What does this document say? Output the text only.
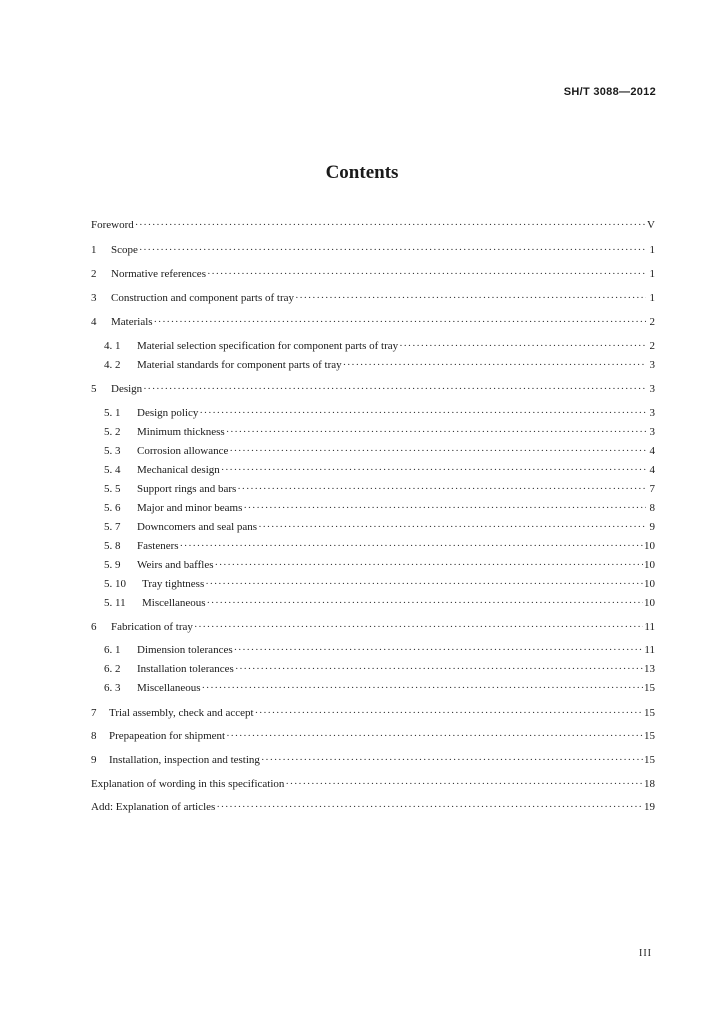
SH/T 3088—2012
Contents
Foreword ·····	V
1	Scope ·····	1
2	Normative references ·····	1
3	Construction and component parts of tray ·····	1
4	Materials ·····	2
4. 1	Material selection specification for component parts of tray ·····	2
4. 2	Material standards for component parts of tray ·····	3
5	Design ·····	3
5. 1	Design policy ·····	3
5. 2	Minimum thickness ·····	3
5. 3	Corrosion allowance ·····	4
5. 4	Mechanical design ·····	4
5. 5	Support rings and bars ·····	7
5. 6	Major and minor beams ·····	8
5. 7	Downcomers and seal pans ·····	9
5. 8	Fasteners ·····	10
5. 9	Weirs and baffles ·····	10
5. 10	Tray tightness ·····	10
5. 11	Miscellaneous ·····	10
6	Fabrication of tray ·····	11
6. 1	Dimension tolerances ·····	11
6. 2	Installation tolerances ·····	13
6. 3	Miscellaneous ·····	15
7	Trial assembly, check and accept ·····	15
8	Prepapeation for shipment ·····	15
9	Installation, inspection and testing ·····	15
Explanation of wording in this specification ·····	18
Add: Explanation of articles ·····	19
III
